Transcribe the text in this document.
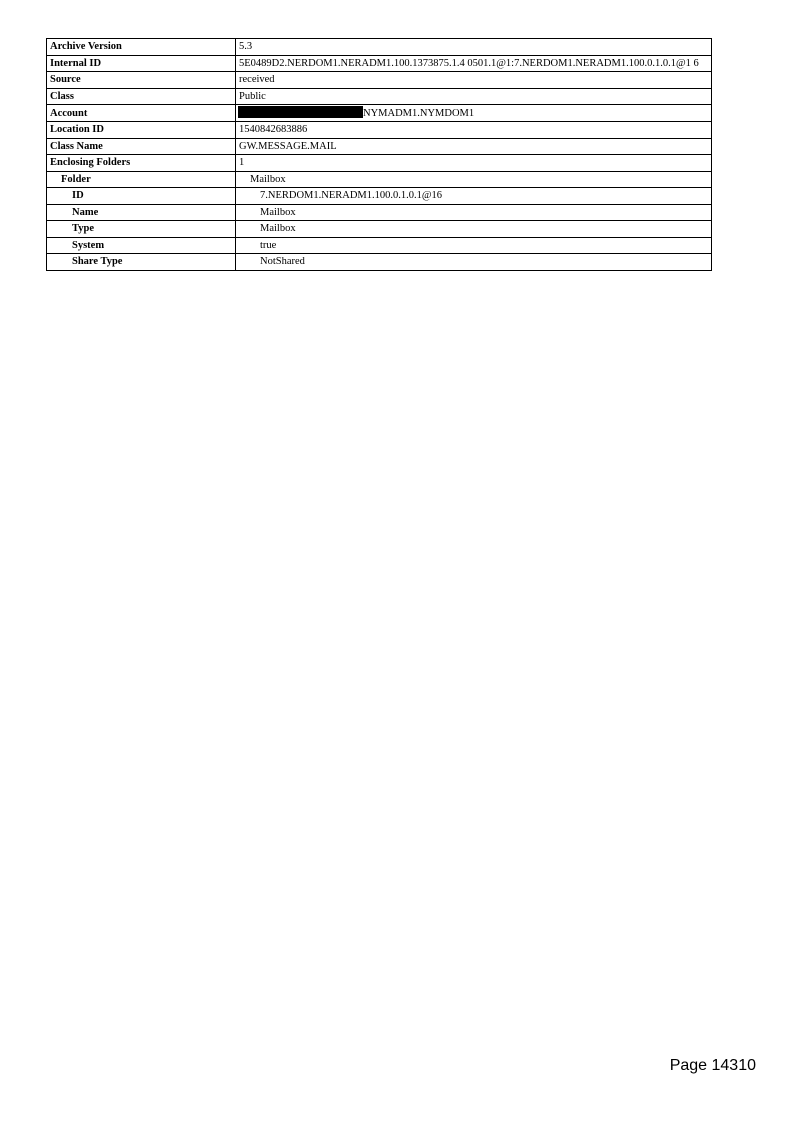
Archive Version	5.3
Internal ID	5E0489D2.NERDOM1.NERADM1.100.1373875.1.4 0501.1@1:7.NERDOM1.NERADM1.100.0.1.0.1@1 6
Source	received
Class	Public
Account	NYMADM1.NYMDOM1
Location ID	1540842683886
Class Name	GW.MESSAGE.MAIL
Enclosing Folders	1
Folder	Mailbox
ID	7.NERDOM1.NERADM1.100.0.1.0.1@16
Name	Mailbox
Type	Mailbox
System	true
Share Type	NotShared
Page 14310
